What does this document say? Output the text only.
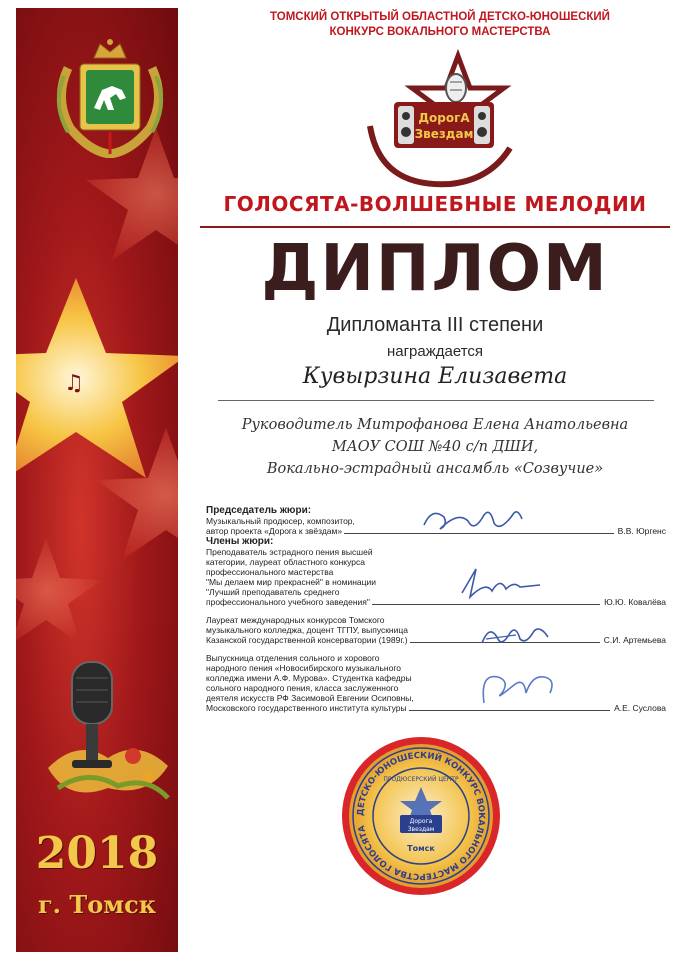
♫
2018
г. Томск
ТОМСКИЙ ОТКРЫТЫЙ ОБЛАСТНОЙ ДЕТСКО-ЮНОШЕСКИЙ
КОНКУРС ВОКАЛЬНОГО МАСТЕРСТВА
ДорогА
Звездам
ГОЛОСЯТА-ВОЛШЕБНЫЕ МЕЛОДИИ
ДИПЛОМ
Дипломанта III степени
награждается
Кувырзина Елизавета
Руководитель Митрофанова Елена Анатольевна
МАОУ СОШ №40 с/п ДШИ,
Вокально-эстрадный ансамбль «Созвучие»
Председатель жюри:
Музыкальный продюсер, композитор,
автор проекта «Дорога к звёздам»	В.В. Юргенс
Члены жюри:
Преподаватель эстрадного пения высшей
категории, лауреат областного конкурса
профессионального мастерства
"Мы делаем мир прекрасней" в номинации
"Лучший преподаватель среднего
профессионального учебного заведения"	Ю.Ю. Ковалёва
Лауреат международных конкурсов Томского
музыкального колледжа, доцент ТГПУ, выпускница
Казанской государственной консерватории (1989г.)	С.И. Артемьева
Выпускница отделения сольного и хорового
народного пения «Новосибирского музыкального
колледжа имени А.Ф. Мурова». Студентка кафедры
сольного народного пения, класса заслуженного
деятеля искусств РФ Засимовой Евгении Осиповны,
Московского государственного института культуры	А.Е. Суслова
ДЕТСКО-ЮНОШЕСКИЙ КОНКУРС ВОКАЛЬНОГО МАСТЕРСТВА ГОЛОСЯТА
ПРОДЮСЕРСКИЙ ЦЕНТР
Дорога
Звездам
Томск
